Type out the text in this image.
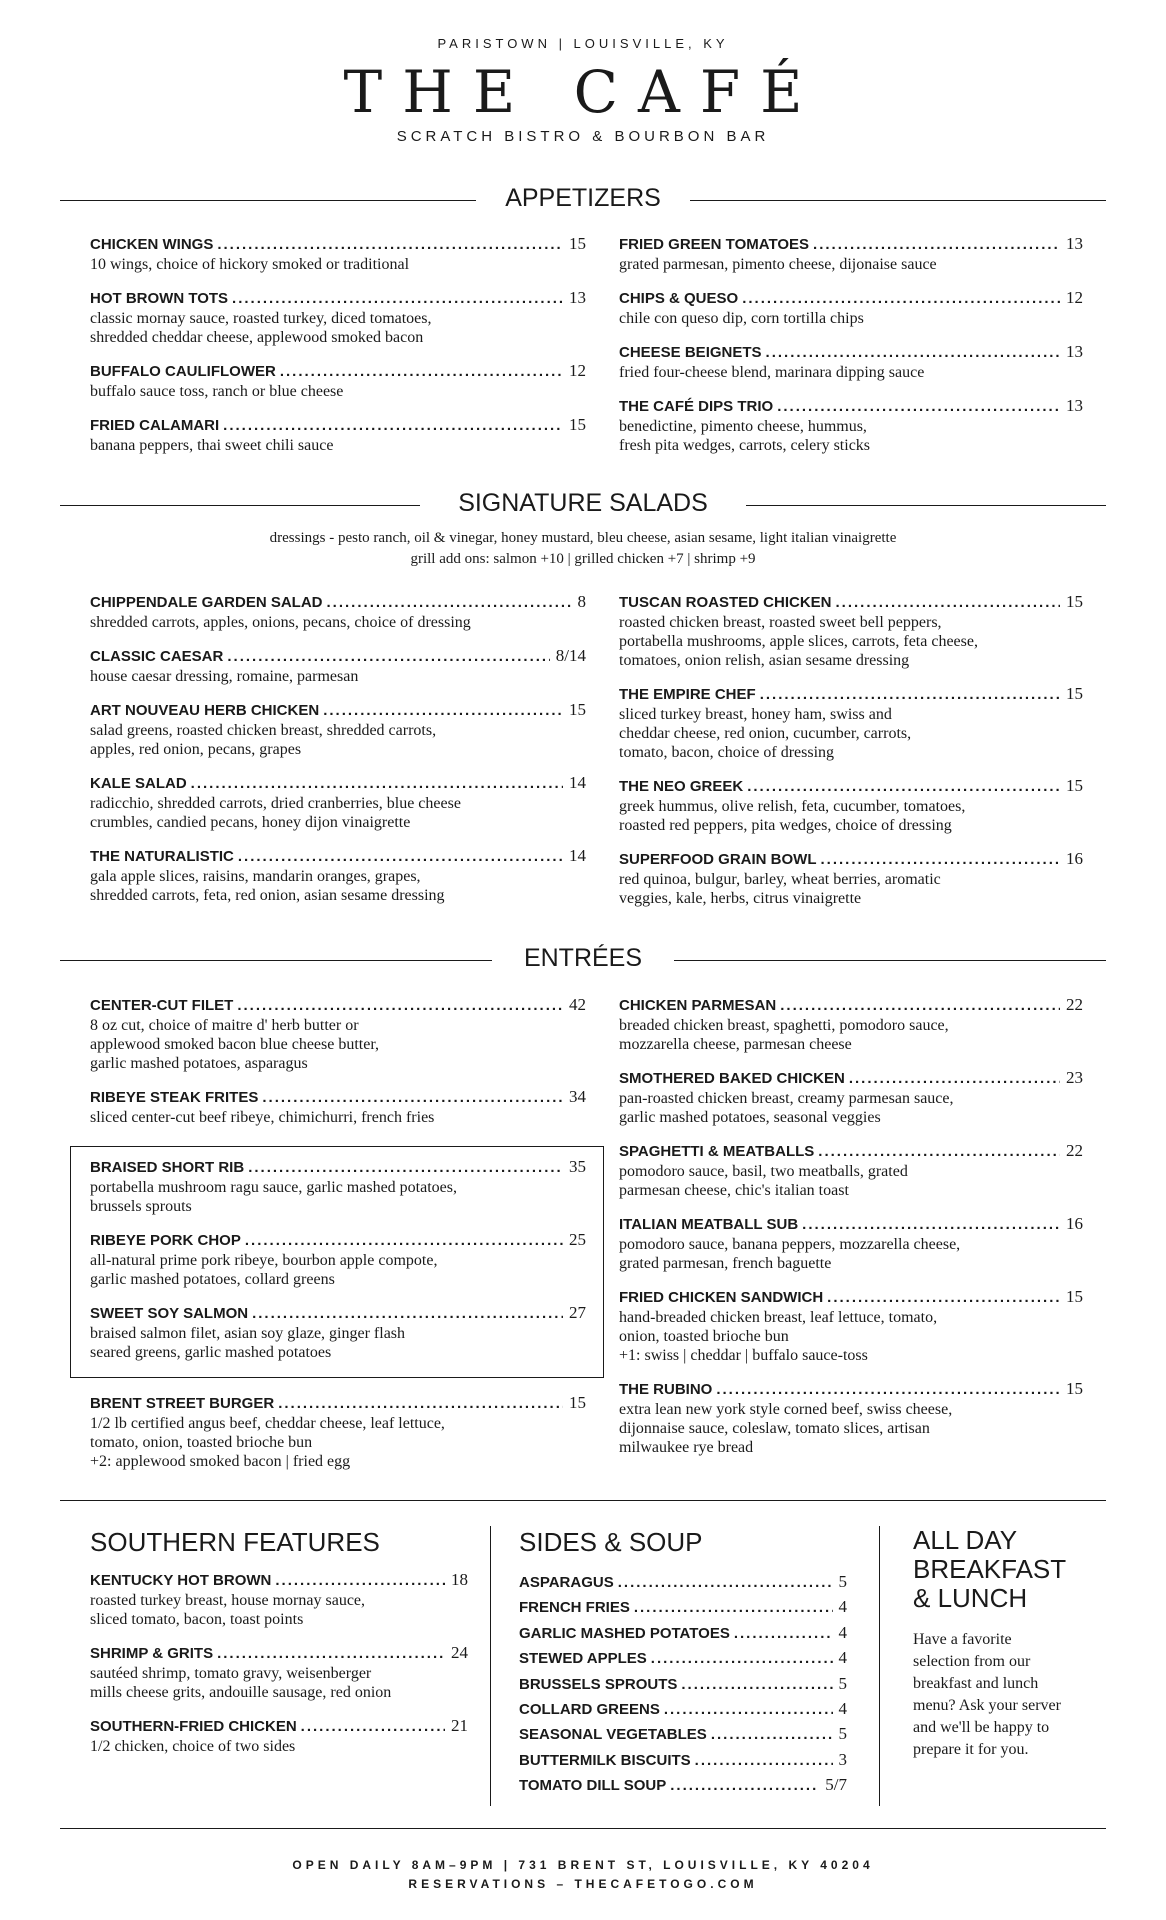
PARISTOWN | LOUISVILLE, KY
THE CAFÉ
SCRATCH BISTRO & BOURBON BAR
APPETIZERS
CHICKEN WINGS .....	15
10 wings, choice of hickory smoked or traditional
HOT BROWN TOTS .....	13
classic mornay sauce, roasted turkey, diced tomatoes,
shredded cheddar cheese, applewood smoked bacon
BUFFALO CAULIFLOWER .....	12
buffalo sauce toss, ranch or blue cheese
FRIED CALAMARI .....	15
banana peppers, thai sweet chili sauce
FRIED GREEN TOMATOES .....	13
grated parmesan, pimento cheese, dijonaise sauce
CHIPS & QUESO .....	12
chile con queso dip, corn tortilla chips
CHEESE BEIGNETS .....	13
fried four-cheese blend, marinara dipping sauce
THE CAFÉ DIPS TRIO .....	13
benedictine, pimento cheese, hummus,
fresh pita wedges, carrots, celery sticks
SIGNATURE SALADS
dressings - pesto ranch, oil & vinegar, honey mustard, bleu cheese, asian sesame, light italian vinaigrette
grill add ons: salmon +10 | grilled chicken +7 | shrimp +9
CHIPPENDALE GARDEN SALAD .....	8
shredded carrots, apples, onions, pecans, choice of dressing
CLASSIC CAESAR .....	8/14
house caesar dressing, romaine, parmesan
ART NOUVEAU HERB CHICKEN .....	15
salad greens, roasted chicken breast, shredded carrots,
apples, red onion, pecans, grapes
KALE SALAD .....	14
radicchio, shredded carrots, dried cranberries, blue cheese
crumbles, candied pecans, honey dijon vinaigrette
THE NATURALISTIC .....	14
gala apple slices, raisins, mandarin oranges, grapes,
shredded carrots, feta, red onion, asian sesame dressing
TUSCAN ROASTED CHICKEN .....	15
roasted chicken breast, roasted sweet bell peppers,
portabella mushrooms, apple slices, carrots, feta cheese,
tomatoes, onion relish, asian sesame dressing
THE EMPIRE CHEF .....	15
sliced turkey breast, honey ham, swiss and
cheddar cheese, red onion, cucumber, carrots,
tomato, bacon, choice of dressing
THE NEO GREEK .....	15
greek hummus, olive relish, feta, cucumber, tomatoes,
roasted red peppers, pita wedges, choice of dressing
SUPERFOOD GRAIN BOWL .....	16
red quinoa, bulgur, barley, wheat berries, aromatic
veggies, kale, herbs, citrus vinaigrette
ENTRÉES
CENTER-CUT FILET .....	42
8 oz cut, choice of maitre d' herb butter or
applewood smoked bacon blue cheese butter,
garlic mashed potatoes, asparagus
RIBEYE STEAK FRITES .....	34
sliced center-cut beef ribeye, chimichurri, french fries
BRAISED SHORT RIB .....	35
portabella mushroom ragu sauce, garlic mashed potatoes,
brussels sprouts
RIBEYE PORK CHOP .....	25
all-natural prime pork ribeye, bourbon apple compote,
garlic mashed potatoes, collard greens
SWEET SOY SALMON .....	27
braised salmon filet, asian soy glaze, ginger flash
seared greens, garlic mashed potatoes
BRENT STREET BURGER .....	15
1/2 lb certified angus beef, cheddar cheese, leaf lettuce,
tomato, onion, toasted brioche bun
+2: applewood smoked bacon | fried egg
CHICKEN PARMESAN .....	22
breaded chicken breast, spaghetti, pomodoro sauce,
mozzarella cheese, parmesan cheese
SMOTHERED BAKED CHICKEN .....	23
pan-roasted chicken breast, creamy parmesan sauce,
garlic mashed potatoes, seasonal veggies
SPAGHETTI & MEATBALLS .....	22
pomodoro sauce, basil, two meatballs, grated
parmesan cheese, chic's italian toast
ITALIAN MEATBALL SUB .....	16
pomodoro sauce, banana peppers, mozzarella cheese,
grated parmesan, french baguette
FRIED CHICKEN SANDWICH .....	15
hand-breaded chicken breast, leaf lettuce, tomato,
onion, toasted brioche bun
+1: swiss | cheddar | buffalo sauce-toss
THE RUBINO .....	15
extra lean new york style corned beef, swiss cheese,
dijonnaise sauce, coleslaw, tomato slices, artisan
milwaukee rye bread
SOUTHERN FEATURES
KENTUCKY HOT BROWN .....	18
roasted turkey breast, house mornay sauce,
sliced tomato, bacon, toast points
SHRIMP & GRITS .....	24
sautéed shrimp, tomato gravy, weisenberger
mills cheese grits, andouille sausage, red onion
SOUTHERN-FRIED CHICKEN .....	21
1/2 chicken, choice of two sides
SIDES & SOUP
ASPARAGUS .....	5
FRENCH FRIES .....	4
GARLIC MASHED POTATOES .....	4
STEWED APPLES .....	4
BRUSSELS SPROUTS .....	5
COLLARD GREENS .....	4
SEASONAL VEGETABLES .....	5
BUTTERMILK BISCUITS .....	3
TOMATO DILL SOUP .....	5/7
ALL DAY
BREAKFAST
& LUNCH
Have a favorite
selection from our
breakfast and lunch
menu? Ask your server
and we'll be happy to
prepare it for you.
OPEN DAILY 8AM–9PM | 731 BRENT ST, LOUISVILLE, KY 40204
RESERVATIONS – THECAFETOGO.COM
